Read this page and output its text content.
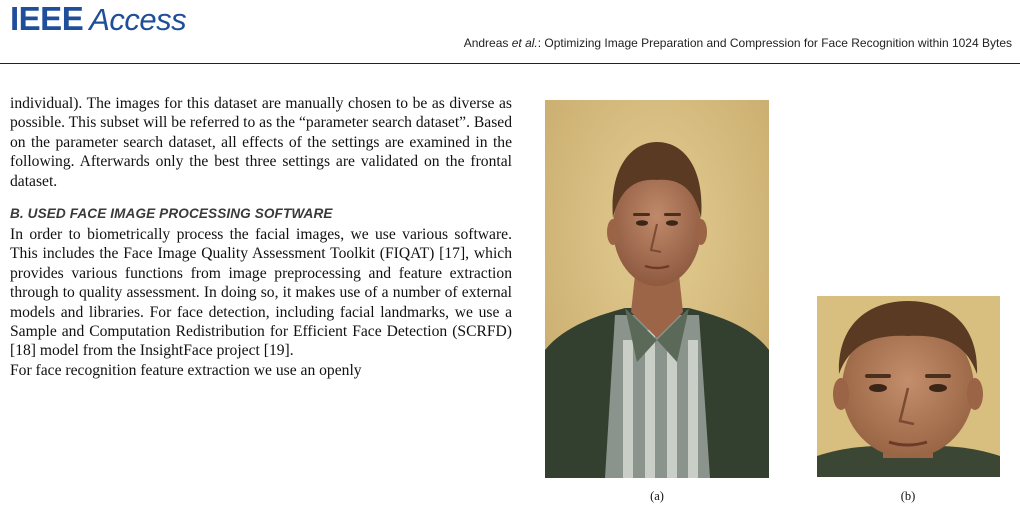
IEEE Access
Andreas et al.: Optimizing Image Preparation and Compression for Face Recognition within 1024 Bytes

individual). The images for this dataset are manually chosen to be as diverse as possible. This subset will be referred to as the “parameter search dataset”. Based on the parameter search dataset, all effects of the settings are examined in the following. Afterwards only the best three settings are validated on the frontal dataset.

B. USED FACE IMAGE PROCESSING SOFTWARE

In order to biometrically process the facial images, we use various software. This includes the Face Image Quality Assessment Toolkit (FIQAT) [17], which provides various functions from image preprocessing and feature extraction through to quality assessment. In doing so, it makes use of a number of external models and libraries. For face detection, including facial landmarks, we use a Sample and Computation Redistribution for Efficient Face Detection (SCRFD) [18] model from the InsightFace project [19].

For face recognition feature extraction we use an openly

(a)	(b)
